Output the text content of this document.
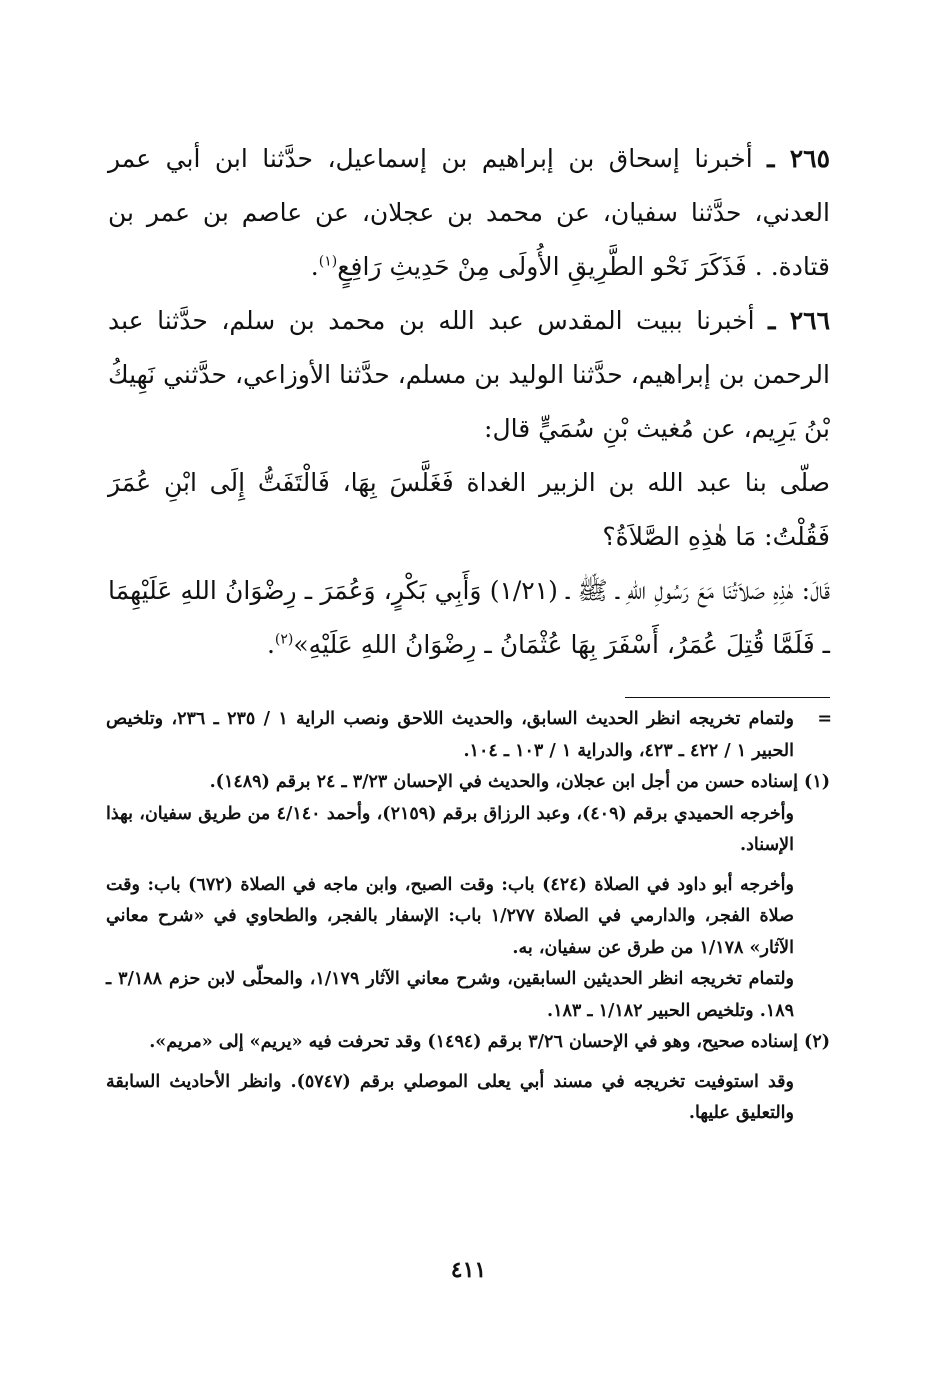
٢٦٥ ـ أخبرنا إسحاق بن إبراهيم بن إسماعيل، حدَّثنا ابن أبي عمر العدني، حدَّثنا سفيان، عن محمد بن عجلان، عن عاصم بن عمر بن قتادة. . فَذَكَرَ نَحْو الطَّرِيقِ الأُولَى مِنْ حَدِيثِ رَافِعٍ$^{(١)}$.

٢٦٦ ـ أخبرنا ببيت المقدس عبد الله بن محمد بن سلم، حدَّثنا عبد الرحمن بن إبراهيم، حدَّثنا الوليد بن مسلم، حدَّثنا الأوزاعي، حدَّثني نَهِيكُ بْنُ يَرِيم، عن مُغيث بْنِ سُمَيٍّ قال:

صلّى بنا عبد الله بن الزبير الغداة فَغَلَّسَ بِهَا، فَالْتَفَتُّ إِلَى ابْنِ عُمَرَ فَقُلْتُ: مَا هٰذِهِ الصَّلاَةُ؟

قَالَ: هٰذِهِ صَلاَتُنَا مَعَ رَسُولِ اللهِ ـ ﷺ ـ (١/٢١) وَأَبِي بَكْرٍ، وَعُمَرَ ـ رِضْوَانُ اللهِ عَلَيْهِمَا ـ فَلَمَّا قُتِلَ عُمَرُ، أَسْفَرَ بِهَا عُثْمَانُ ـ رِضْوَانُ اللهِ عَلَيْهِ»$^{(٢)}$.

=
ولتمام تخريجه انظر الحديث السابق، والحديث اللاحق ونصب الراية ١ / ٢٣٥ ـ ٢٣٦، وتلخيص الحبير ١ / ٤٢٢ ـ ٤٢٣، والدراية ١ / ١٠٣ ـ ١٠٤.

(١) إسناده حسن من أجل ابن عجلان، والحديث في الإحسان ٣/٢٣ ـ ٢٤ برقم (١٤٨٩).

وأخرجه الحميدي برقم (٤٠٩)، وعبد الرزاق برقم (٢١٥٩)، وأحمد ٤/١٤٠ من طريق سفيان، بهذا الإسناد.

وأخرجه أبو داود في الصلاة (٤٢٤) باب: وقت الصبح، وابن ماجه في الصلاة (٦٧٢) باب: وقت صلاة الفجر، والدارمي في الصلاة ١/٢٧٧ باب: الإسفار بالفجر، والطحاوي في «شرح معاني الآثار» ١/١٧٨ من طرق عن سفيان، به.

ولتمام تخريجه انظر الحديثين السابقين، وشرح معاني الآثار ١/١٧٩، والمحلّى لابن حزم ٣/١٨٨ ـ ١٨٩. وتلخيص الحبير ١/١٨٢ ـ ١٨٣.

(٢) إسناده صحيح، وهو في الإحسان ٣/٢٦ برقم (١٤٩٤) وقد تحرفت فيه «يريم» إلى «مريم».

وقد استوفيت تخريجه في مسند أبي يعلى الموصلي برقم (٥٧٤٧). وانظر الأحاديث السابقة والتعليق عليها.

٤١١
